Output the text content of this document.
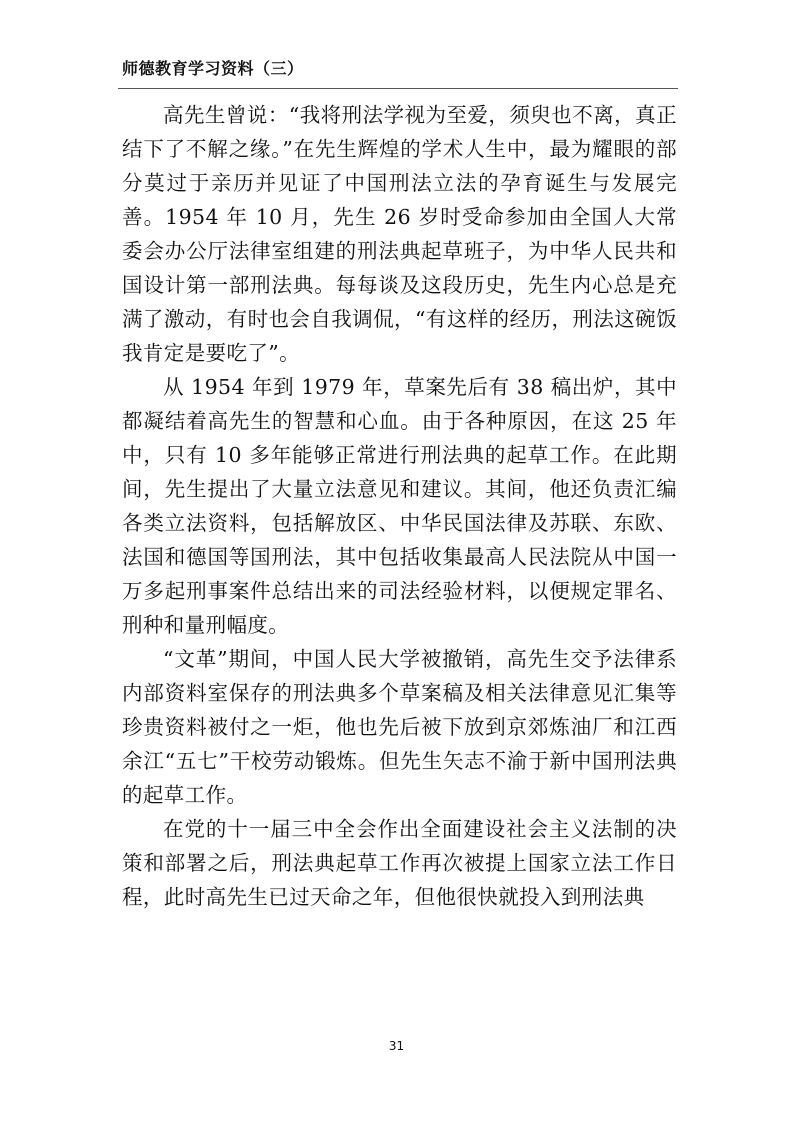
师德教育学习资料（三）

高先生曾说：“我将刑法学视为至爱，须臾也不离，真正结下了不解之缘。”在先生辉煌的学术人生中，最为耀眼的部分莫过于亲历并见证了中国刑法立法的孕育诞生与发展完善。1954 年 10 月，先生 26 岁时受命参加由全国人大常委会办公厅法律室组建的刑法典起草班子，为中华人民共和国设计第一部刑法典。每每谈及这段历史，先生内心总是充满了激动，有时也会自我调侃，“有这样的经历，刑法这碗饭我肯定是要吃了”。

从 1954 年到 1979 年，草案先后有 38 稿出炉，其中都凝结着高先生的智慧和心血。由于各种原因，在这 25 年中，只有 10 多年能够正常进行刑法典的起草工作。在此期间，先生提出了大量立法意见和建议。其间，他还负责汇编各类立法资料，包括解放区、中华民国法律及苏联、东欧、法国和德国等国刑法，其中包括收集最高人民法院从中国一万多起刑事案件总结出来的司法经验材料，以便规定罪名、刑种和量刑幅度。

“文革”期间，中国人民大学被撤销，高先生交予法律系内部资料室保存的刑法典多个草案稿及相关法律意见汇集等珍贵资料被付之一炬，他也先后被下放到京郊炼油厂和江西余江“五七”干校劳动锻炼。但先生矢志不渝于新中国刑法典的起草工作。

在党的十一届三中全会作出全面建设社会主义法制的决策和部署之后，刑法典起草工作再次被提上国家立法工作日程，此时高先生已过天命之年，但他很快就投入到刑法典

31
